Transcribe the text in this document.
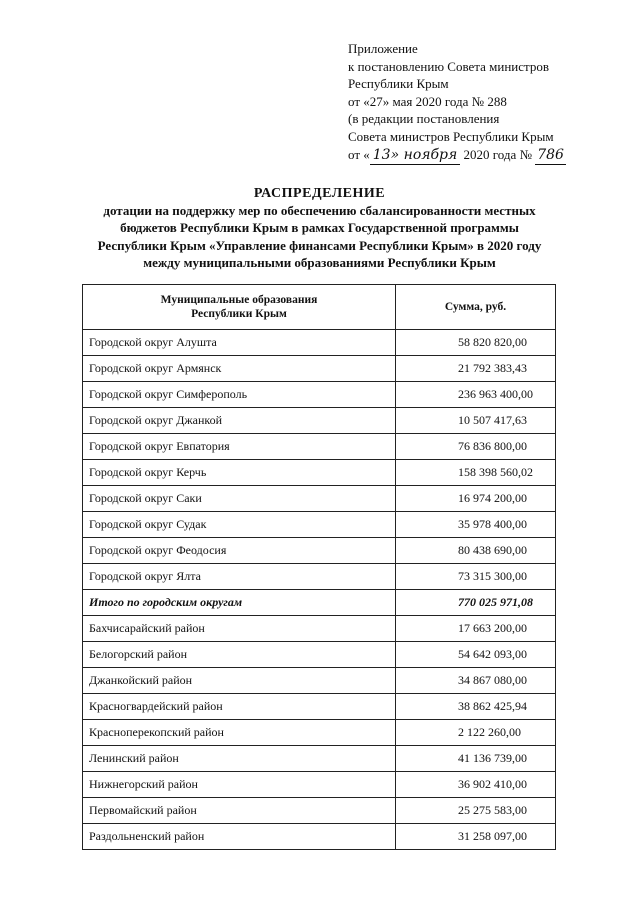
Приложение
к постановлению Совета министров
Республики Крым
от «27» мая 2020 года № 288
(в редакции постановления
Совета министров Республики Крым
от « 13» ноября 2020 года № 786
РАСПРЕДЕЛЕНИЕ
дотации на поддержку мер по обеспечению сбалансированности местных
бюджетов Республики Крым в рамках Государственной программы
Республики Крым «Управление финансами Республики Крым» в 2020 году
между муниципальными образованиями Республики Крым
Муниципальные образования
Республики Крым	Сумма, руб.
Городской округ Алушта	58 820 820,00
Городской округ Армянск	21 792 383,43
Городской округ Симферополь	236 963 400,00
Городской округ Джанкой	10 507 417,63
Городской округ Евпатория	76 836 800,00
Городской округ Керчь	158 398 560,02
Городской округ Саки	16 974 200,00
Городской округ Судак	35 978 400,00
Городской округ Феодосия	80 438 690,00
Городской округ Ялта	73 315 300,00
Итого по городским округам	770 025 971,08
Бахчисарайский район	17 663 200,00
Белогорский район	54 642 093,00
Джанкойский район	34 867 080,00
Красногвардейский район	38 862 425,94
Красноперекопский район	2 122 260,00
Ленинский район	41 136 739,00
Нижнегорский район	36 902 410,00
Первомайский район	25 275 583,00
Раздольненский район	31 258 097,00
